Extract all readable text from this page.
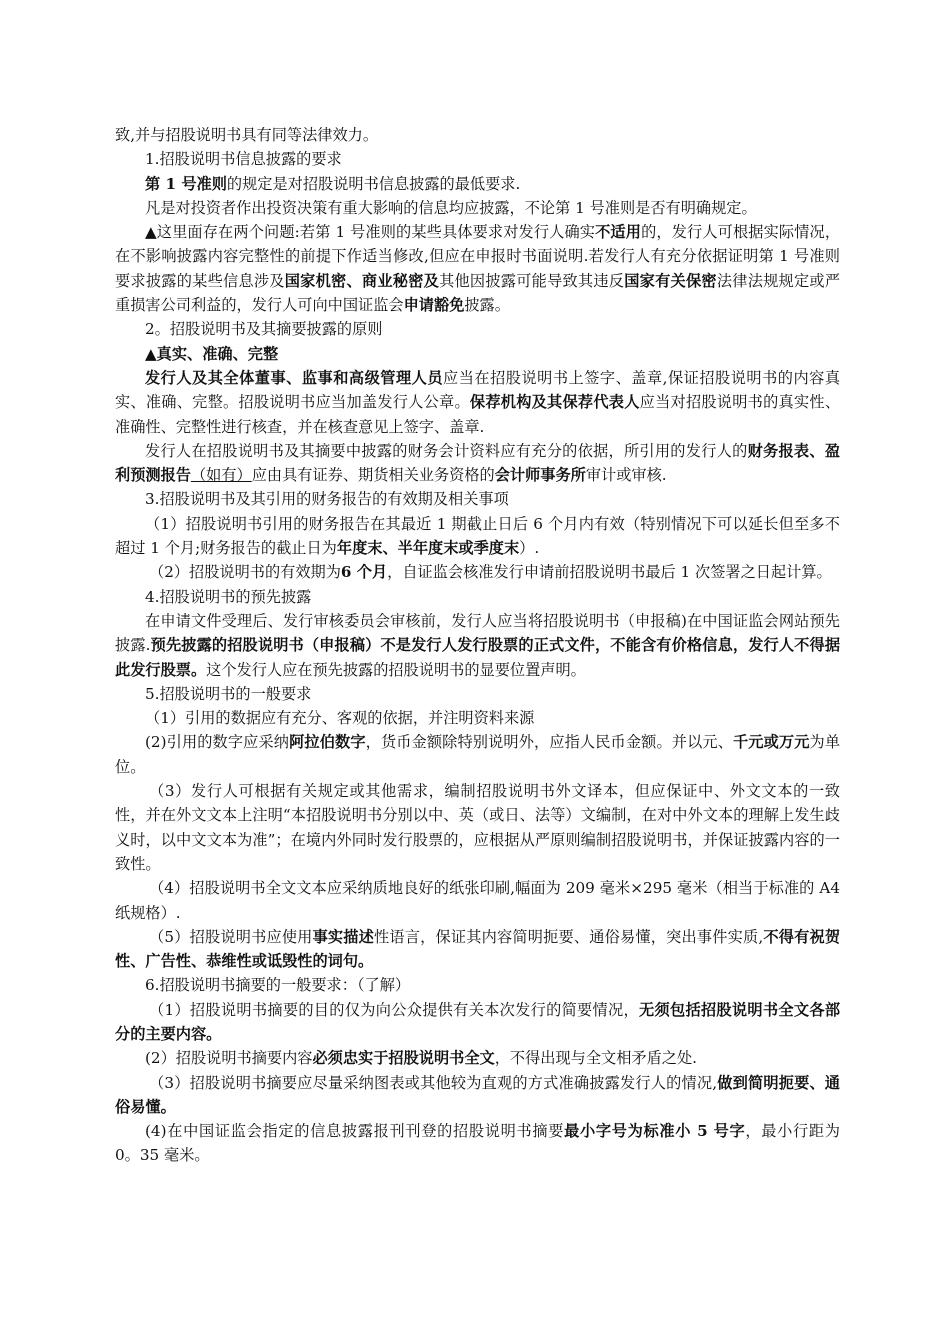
致,并与招股说明书具有同等法律效力。

1.招股说明书信息披露的要求

第 1 号准则的规定是对招股说明书信息披露的最低要求.

凡是对投资者作出投资决策有重大影响的信息均应披露，不论第 1 号准则是否有明确规定。

▲这里面存在两个问题:若第 1 号准则的某些具体要求对发行人确实不适用的，发行人可根据实际情况，在不影响披露内容完整性的前提下作适当修改,但应在申报时书面说明.若发行人有充分依据证明第 1 号准则要求披露的某些信息涉及国家机密、商业秘密及其他因披露可能导致其违反国家有关保密法律法规规定或严重损害公司利益的，发行人可向中国证监会申请豁免披露。

2。招股说明书及其摘要披露的原则

▲真实、准确、完整

发行人及其全体董事、监事和高级管理人员应当在招股说明书上签字、盖章,保证招股说明书的内容真实、准确、完整。招股说明书应当加盖发行人公章。保荐机构及其保荐代表人应当对招股说明书的真实性、准确性、完整性进行核查，并在核查意见上签字、盖章.

发行人在招股说明书及其摘要中披露的财务会计资料应有充分的依据，所引用的发行人的财务报表、盈利预测报告（如有）应由具有证券、期货相关业务资格的会计师事务所审计或审核.

3.招股说明书及其引用的财务报告的有效期及相关事项

（1）招股说明书引用的财务报告在其最近 1 期截止日后 6 个月内有效（特别情况下可以延长但至多不超过 1 个月;财务报告的截止日为年度末、半年度末或季度末）.

（2）招股说明书的有效期为6 个月，自证监会核准发行申请前招股说明书最后 1 次签署之日起计算。

4.招股说明书的预先披露

在申请文件受理后、发行审核委员会审核前，发行人应当将招股说明书（申报稿)在中国证监会网站预先披露.预先披露的招股说明书（申报稿）不是发行人发行股票的正式文件，不能含有价格信息，发行人不得据此发行股票。这个发行人应在预先披露的招股说明书的显要位置声明。

5.招股说明书的一般要求

（1）引用的数据应有充分、客观的依据，并注明资料来源

(2)引用的数字应采纳阿拉伯数字，货币金额除特别说明外，应指人民币金额。并以元、千元或万元为单位。

（3）发行人可根据有关规定或其他需求，编制招股说明书外文译本，但应保证中、外文文本的一致性，并在外文文本上注明“本招股说明书分别以中、英（或日、法等）文编制，在对中外文本的理解上发生歧义时，以中文文本为准”；在境内外同时发行股票的，应根据从严原则编制招股说明书，并保证披露内容的一致性。

（4）招股说明书全文文本应采纳质地良好的纸张印刷,幅面为 209 毫米×295 毫米（相当于标准的 A4 纸规格）.

（5）招股说明书应使用事实描述性语言，保证其内容简明扼要、通俗易懂，突出事件实质,不得有祝贺性、广告性、恭维性或诋毁性的词句。

6.招股说明书摘要的一般要求：（了解）

（1）招股说明书摘要的目的仅为向公众提供有关本次发行的简要情况，无须包括招股说明书全文各部分的主要内容。

(2）招股说明书摘要内容必须忠实于招股说明书全文，不得出现与全文相矛盾之处.

（3）招股说明书摘要应尽量采纳图表或其他较为直观的方式准确披露发行人的情况,做到简明扼要、通俗易懂。

(4)在中国证监会指定的信息披露报刊刊登的招股说明书摘要最小字号为标准小 5 号字，最小行距为 0。35 毫米。
